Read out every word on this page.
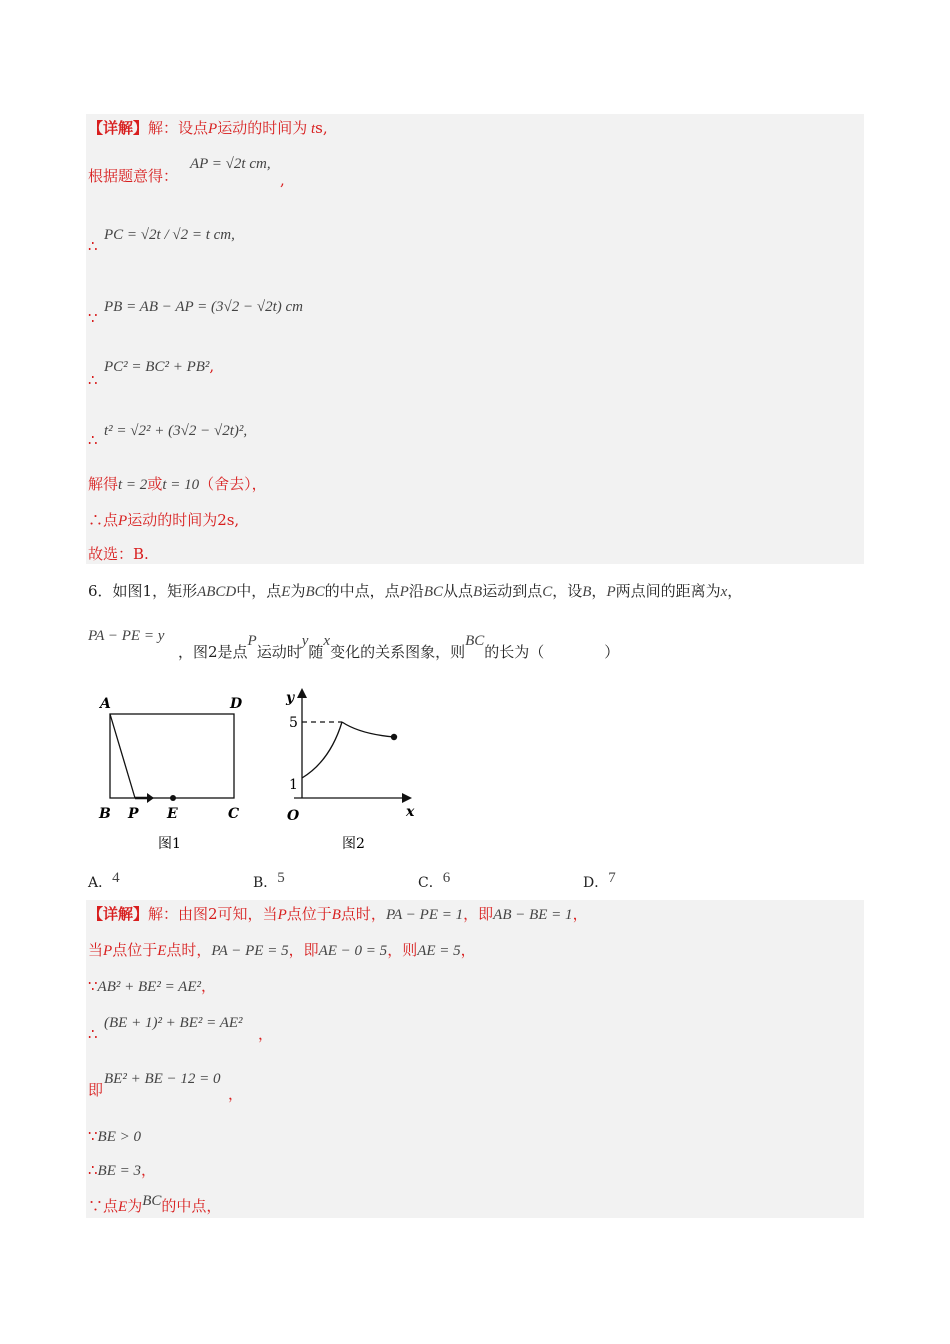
【详解】解：设点P运动的时间为 ts,
根据题意得：
AP = √2t cm,
,
∴
PC = √2t / √2 = t cm,
∵
PB = AB − AP = (3√2 − √2t) cm
∴
PC² = BC² + PB²,
∴ t² = √2² + (3√2 − √2t)²,
解得t = 2或t = 10（舍去），
∴点P运动的时间为2s,
故选：B.
6．如图1，矩形ABCD中，点E为BC的中点，点P沿BC从点B运动到点C，设B，P两点间的距离为x，
PA − PE = y
，图2是点P运动时y随x变化的关系图象，则BC的长为（　　　　）
A	D
B P E	C
图1
y
x
O
5
1
图2
A．4	B．5	C．6	D．7
【详解】解：由图2可知，当P点位于B点时，PA − PE = 1，即AB − BE = 1，
当P点位于E点时，PA − PE = 5，即AE − 0 = 5，则AE = 5，
∵AB² + BE² = AE²，
∴
(BE + 1)² + BE² = AE²
，
即
BE² + BE − 12 = 0
，
∵BE > 0
∴BE = 3，
∵点E为BC的中点，
